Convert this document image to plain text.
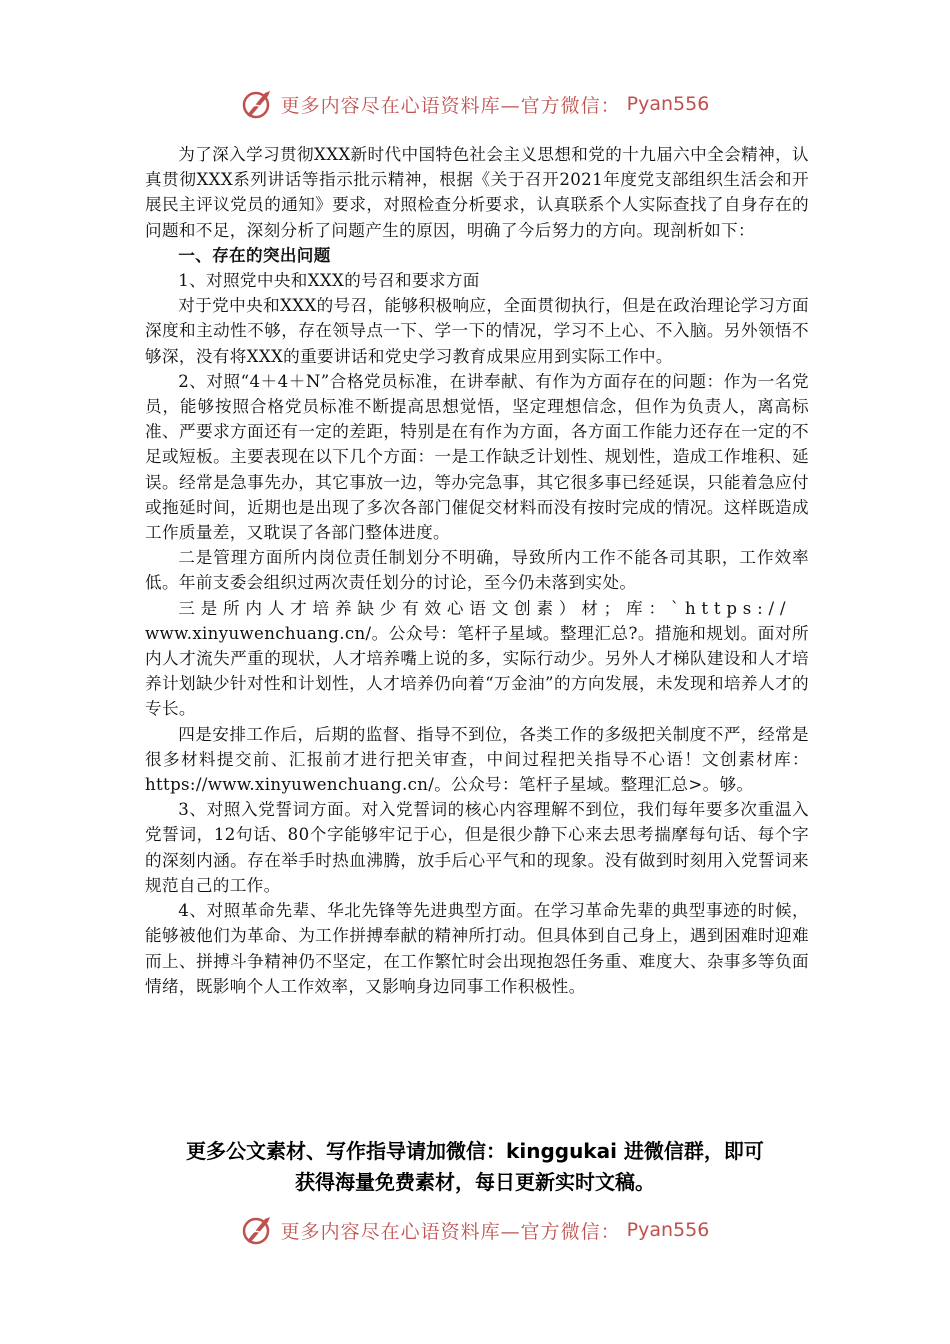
更多内容尽在心语资料库—官方微信： Pyan556

为了深入学习贯彻XXX新时代中国特色社会主义思想和党的十九届六中全会精神，认真贯彻XXX系列讲话等指示批示精神，根据《关于召开2021年度党支部组织生活会和开展民主评议党员的通知》要求，对照检查分析要求，认真联系个人实际查找了自身存在的问题和不足，深刻分析了问题产生的原因，明确了今后努力的方向。现剖析如下：

一、存在的突出问题

1、对照党中央和XXX的号召和要求方面

对于党中央和XXX的号召，能够积极响应，全面贯彻执行，但是在政治理论学习方面深度和主动性不够，存在领导点一下、学一下的情况，学习不上心、不入脑。另外领悟不够深，没有将XXX的重要讲话和党史学习教育成果应用到实际工作中。

2、对照“4＋4＋N”合格党员标准，在讲奉献、有作为方面存在的问题：作为一名党员，能够按照合格党员标准不断提高思想觉悟，坚定理想信念，但作为负责人，离高标准、严要求方面还有一定的差距，特别是在有作为方面，各方面工作能力还存在一定的不足或短板。主要表现在以下几个方面：一是工作缺乏计划性、规划性，造成工作堆积、延误。经常是急事先办，其它事放一边，等办完急事，其它很多事已经延误，只能着急应付或拖延时间，近期也是出现了多次各部门催促交材料而没有按时完成的情况。这样既造成工作质量差，又耽误了各部门整体进度。

二是管理方面所内岗位责任制划分不明确，导致所内工作不能各司其职，工作效率低。年前支委会组织过两次责任划分的讨论，至今仍未落到实处。

三是所内人才培养缺少有效心语文创素）材；库：`https://

www.xinyuwenchuang.cn/。公众号：笔杆子星域。整理汇总?。措施和规划。面对所内人才流失严重的现状，人才培养嘴上说的多，实际行动少。另外人才梯队建设和人才培养计划缺少针对性和计划性，人才培养仍向着“万金油”的方向发展，未发现和培养人才的专长。

四是安排工作后，后期的监督、指导不到位，各类工作的多级把关制度不严，经常是很多材料提交前、汇报前才进行把关审查，中间过程把关指导不心语！文创素材库：https://www.xinyuwenchuang.cn/。公众号：笔杆子星域。整理汇总>。够。

3、对照入党誓词方面。对入党誓词的核心内容理解不到位，我们每年要多次重温入党誓词，12句话、80个字能够牢记于心，但是很少静下心来去思考揣摩每句话、每个字的深刻内涵。存在举手时热血沸腾，放手后心平气和的现象。没有做到时刻用入党誓词来规范自己的工作。

4、对照革命先辈、华北先锋等先进典型方面。在学习革命先辈的典型事迹的时候，能够被他们为革命、为工作拼搏奉献的精神所打动。但具体到自己身上，遇到困难时迎难而上、拼搏斗争精神仍不坚定，在工作繁忙时会出现抱怨任务重、难度大、杂事多等负面情绪，既影响个人工作效率，又影响身边同事工作积极性。

更多公文素材、写作指导请加微信：kinggukai 进微信群，即可
获得海量免费素材，每日更新实时文稿。
更多内容尽在心语资料库—官方微信： Pyan556
